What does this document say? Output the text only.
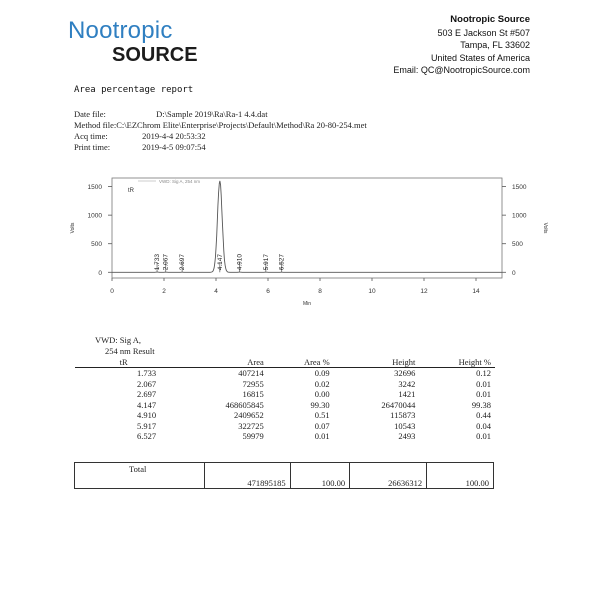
Nootropic
SOURCE
Nootropic Source
503 E Jackson St #507
Tampa, FL 33602
United States of America
Email: QC@NootropicSource.com
Area percentage report
Date file:	D:\Sample 2019\Ra\Ra-1 4.4.dat
Method file:C:\EZChrom Elite\Enterprise\Projects\Default\Method\Ra 20-80-254.met
Acq time:	2019-4-4 20:53:32
Print time:	2019-4-5 09:07:54
0	0
500	500
1000	1000
1500	1500
0	2	4	6	8	10	12	14
Min
Volts	Volts
VWD: Sig A, 254 nm
tR
1.733 2.067 2.697	4.147 4.910	5.917 6.527
VWD: Sig A,
254 nm Result
tR	Area	Area %	Height	Height %
1.733	407214	0.09	32696	0.12
2.067	72955	0.02	3242	0.01
2.697	16815	0.00	1421	0.01
4.147	468605845	99.30	26470044	99.38
4.910	2409652	0.51	115873	0.44
5.917	322725	0.07	10543	0.04
6.527	59979	0.01	2493	0.01
Total	471895185	100.00	26636312	100.00
